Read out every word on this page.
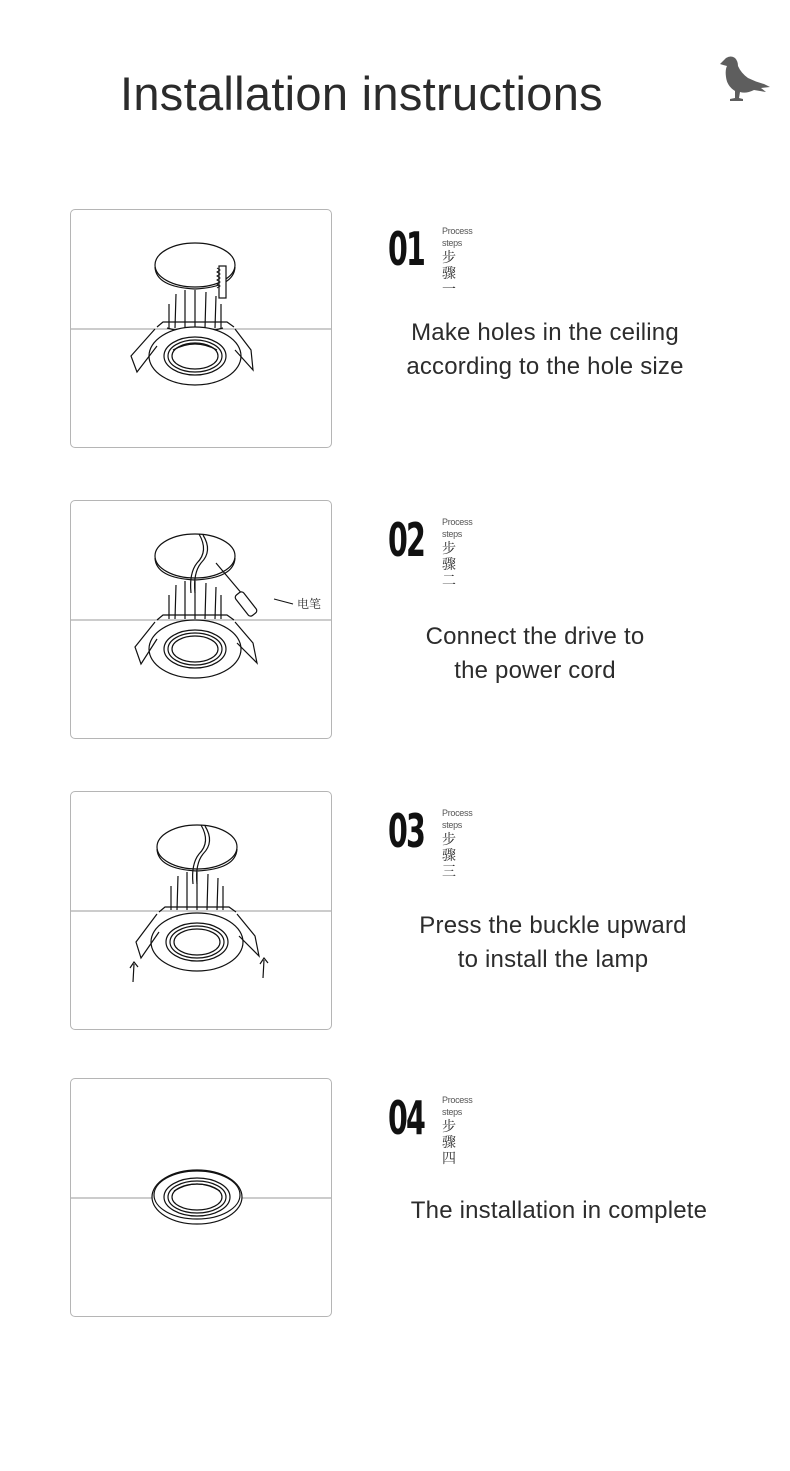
Installation instructions
01 Process
steps
步骤一
Make holes in the ceiling
according to the hole size
电笔
02 Process
steps
步骤二
Connect the drive to
the power cord
03 Process
steps
步骤三
Press the buckle upward
to install the lamp
04 Process
steps
步骤四
The installation in complete
